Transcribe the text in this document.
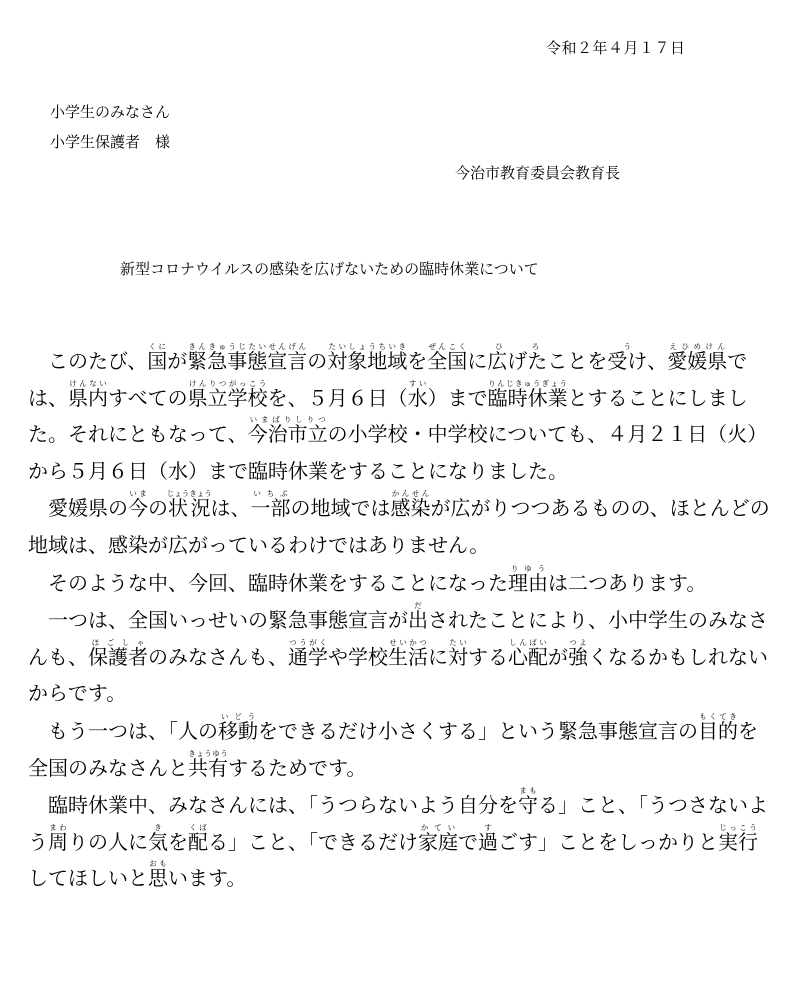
令和２年４月１７日
小学生のみなさん
小学生保護者　様
今治市教育委員会教育長
新型コロナウイルスの感染を広げないための臨時休業について

このたび、国くにが緊急事態宣言きんきゅうじたいせんげんの対象地域たいしょうちいきを全国ぜんこくに広げたひろことを受けう、愛媛県えひめけんでは、県内けんないすべての県立学校けんりつがっこうを、５月６日（水すい）まで臨時休業りんじきゅうぎょうとすることにしました。それにともなって、今治市立いまばりしりつの小学校・中学校についても、４月２１日（火）から５月６日（水）まで臨時休業をすることになりました。

愛媛県の今いまの状況じょうきょうは、一部いちぶの地域では感染かんせんが広がりつつあるものの、ほとんどの地域は、感染が広がっているわけではありません。

そのような中、今回、臨時休業をすることになった理由りゆうは二つあります。

一つは、全国いっせいの緊急事態宣言が出だされたことにより、小中学生のみなさんも、保護者ほごしゃのみなさんも、通学つうがくや学校生活せいかつに対たいする心配しんぱいが強つよくなるかもしれないからです。

もう一つは、「人の移動いどうをできるだけ小さくする」という緊急事態宣言の目的もくてきを全国のみなさんと共有きょうゆうするためです。

臨時休業中、みなさんには、「うつらないよう自分を守まもる」こと、「うつさないよう周まわりの人に気きを配くばる」こと、「できるだけ家庭かていで過すごす」ことをしっかりと実行じっこうしてほしいと思おもいます。
